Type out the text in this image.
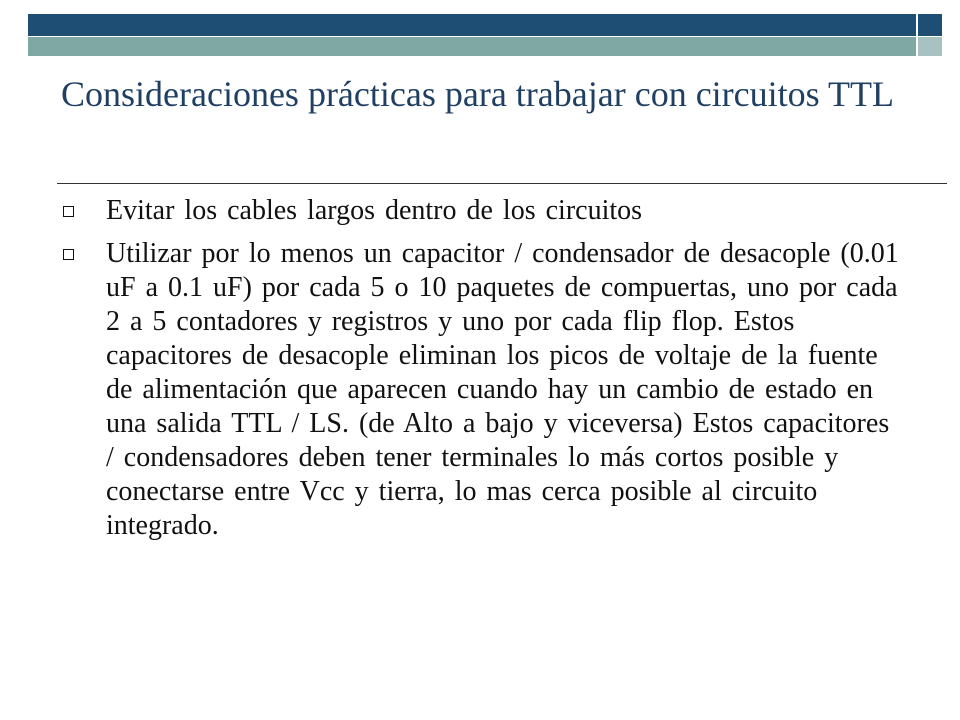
Consideraciones prácticas para trabajar con circuitos TTL
Evitar los cables largos dentro de los circuitos
Utilizar por lo menos un capacitor / condensador de desacople (0.01 uF a 0.1 uF) por cada 5 o 10 paquetes de compuertas, uno por cada 2 a 5 contadores y registros y uno por cada flip flop. Estos capacitores de desacople eliminan los picos de voltaje de la fuente de alimentación que aparecen cuando hay un cambio de estado en una salida TTL / LS. (de Alto a bajo y viceversa) Estos capacitores / condensadores deben tener terminales lo más cortos posible y conectarse entre Vcc y tierra, lo mas cerca posible al circuito integrado.
